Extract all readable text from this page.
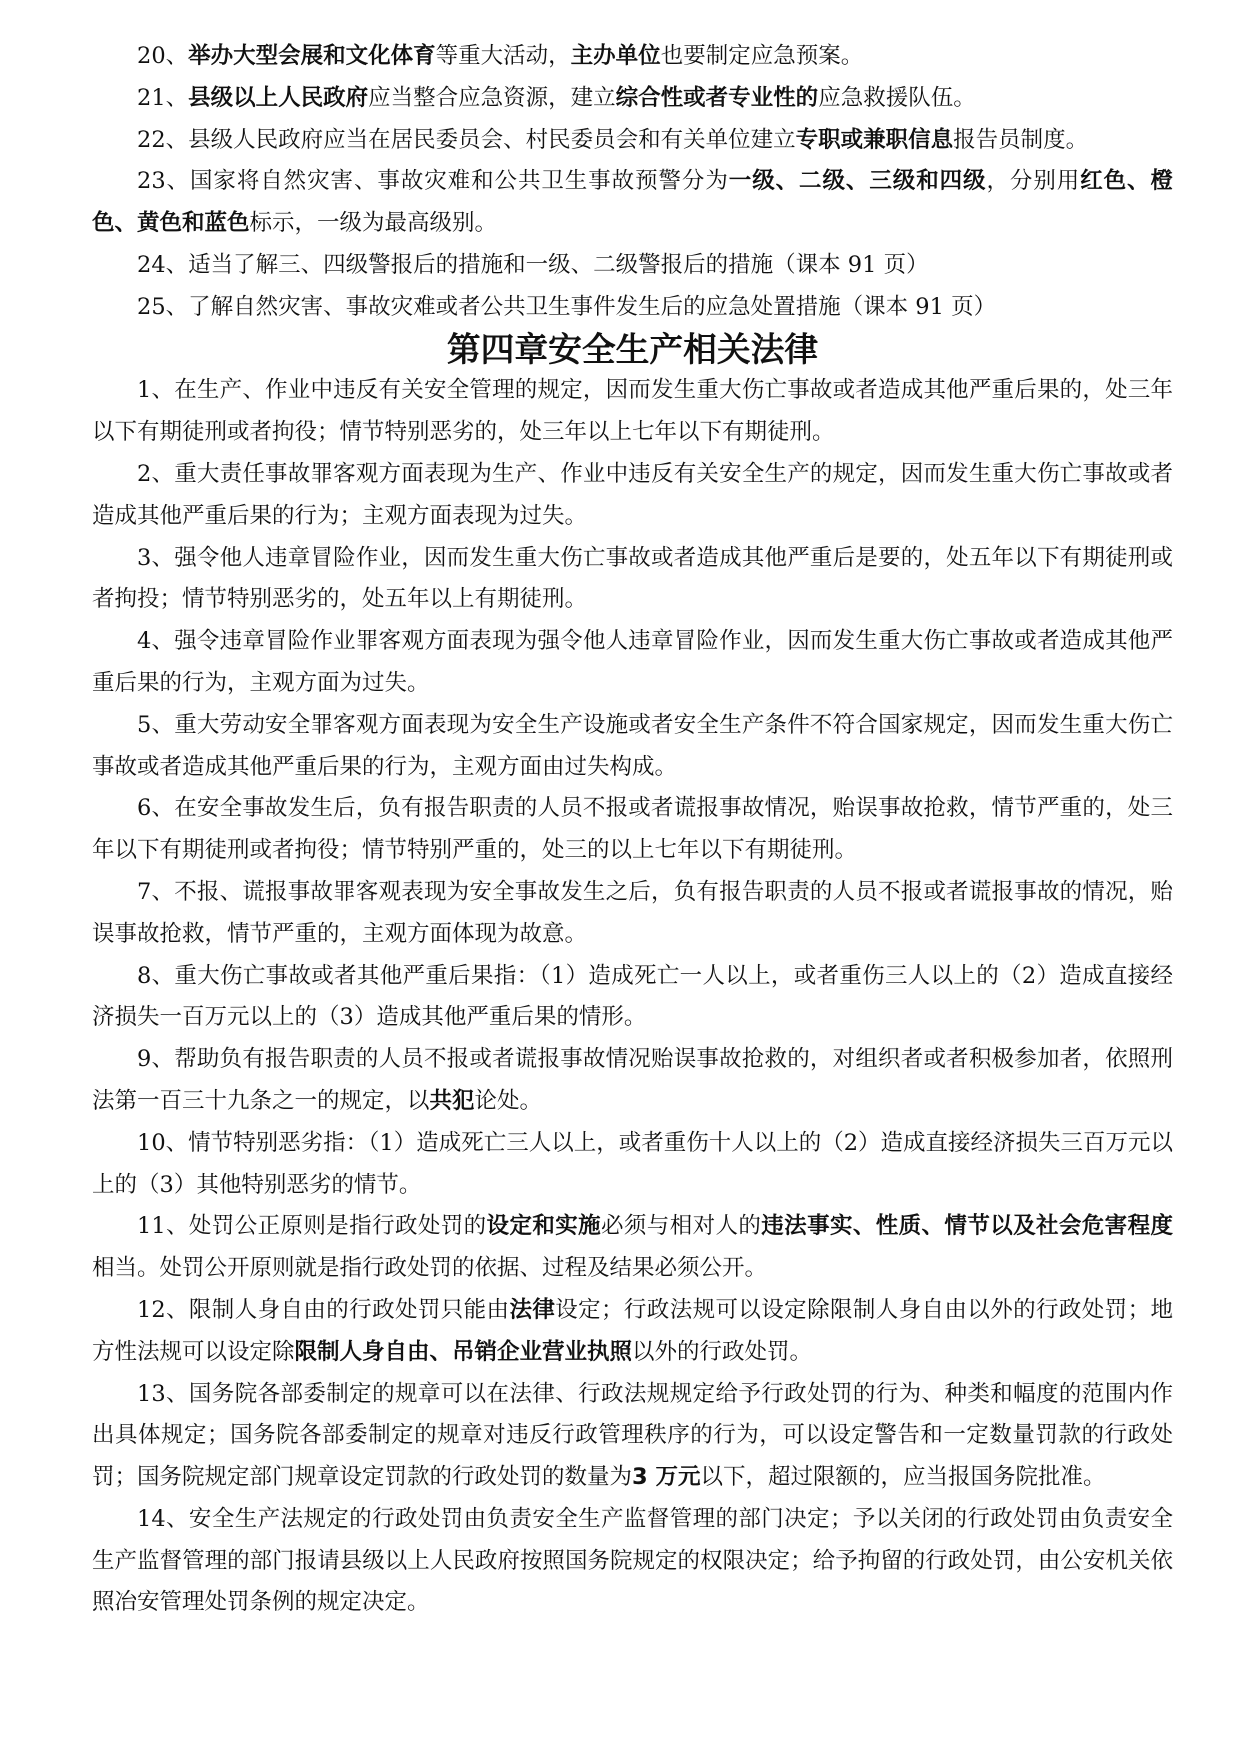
20、举办大型会展和文化体育等重大活动，主办单位也要制定应急预案。

21、县级以上人民政府应当整合应急资源，建立综合性或者专业性的应急救援队伍。

22、县级人民政府应当在居民委员会、村民委员会和有关单位建立专职或兼职信息报告员制度。

23、国家将自然灾害、事故灾难和公共卫生事故预警分为一级、二级、三级和四级，分别用红色、橙色、黄色和蓝色标示，一级为最高级别。

24、适当了解三、四级警报后的措施和一级、二级警报后的措施（课本 91 页）

25、了解自然灾害、事故灾难或者公共卫生事件发生后的应急处置措施（课本 91 页）

第四章安全生产相关法律

1、在生产、作业中违反有关安全管理的规定，因而发生重大伤亡事故或者造成其他严重后果的，处三年以下有期徒刑或者拘役；情节特别恶劣的，处三年以上七年以下有期徒刑。

2、重大责任事故罪客观方面表现为生产、作业中违反有关安全生产的规定，因而发生重大伤亡事故或者造成其他严重后果的行为；主观方面表现为过失。

3、强令他人违章冒险作业，因而发生重大伤亡事故或者造成其他严重后是要的，处五年以下有期徒刑或者拘投；情节特别恶劣的，处五年以上有期徒刑。

4、强令违章冒险作业罪客观方面表现为强令他人违章冒险作业，因而发生重大伤亡事故或者造成其他严重后果的行为，主观方面为过失。

5、重大劳动安全罪客观方面表现为安全生产设施或者安全生产条件不符合国家规定，因而发生重大伤亡事故或者造成其他严重后果的行为，主观方面由过失构成。

6、在安全事故发生后，负有报告职责的人员不报或者谎报事故情况，贻误事故抢救，情节严重的，处三年以下有期徒刑或者拘役；情节特别严重的，处三的以上七年以下有期徒刑。

7、不报、谎报事故罪客观表现为安全事故发生之后，负有报告职责的人员不报或者谎报事故的情况，贻误事故抢救，情节严重的，主观方面体现为故意。

8、重大伤亡事故或者其他严重后果指：（1）造成死亡一人以上，或者重伤三人以上的（2）造成直接经济损失一百万元以上的（3）造成其他严重后果的情形。

9、帮助负有报告职责的人员不报或者谎报事故情况贻误事故抢救的，对组织者或者积极参加者，依照刑法第一百三十九条之一的规定，以共犯论处。

10、情节特别恶劣指：（1）造成死亡三人以上，或者重伤十人以上的（2）造成直接经济损失三百万元以上的（3）其他特别恶劣的情节。

11、处罚公正原则是指行政处罚的设定和实施必须与相对人的违法事实、性质、情节以及社会危害程度相当。处罚公开原则就是指行政处罚的依据、过程及结果必须公开。

12、限制人身自由的行政处罚只能由法律设定；行政法规可以设定除限制人身自由以外的行政处罚；地方性法规可以设定除限制人身自由、吊销企业营业执照以外的行政处罚。

13、国务院各部委制定的规章可以在法律、行政法规规定给予行政处罚的行为、种类和幅度的范围内作出具体规定；国务院各部委制定的规章对违反行政管理秩序的行为，可以设定警告和一定数量罚款的行政处罚；国务院规定部门规章设定罚款的行政处罚的数量为3 万元以下，超过限额的，应当报国务院批准。

14、安全生产法规定的行政处罚由负责安全生产监督管理的部门决定；予以关闭的行政处罚由负责安全生产监督管理的部门报请县级以上人民政府按照国务院规定的权限决定；给予拘留的行政处罚，由公安机关依照冶安管理处罚条例的规定决定。
